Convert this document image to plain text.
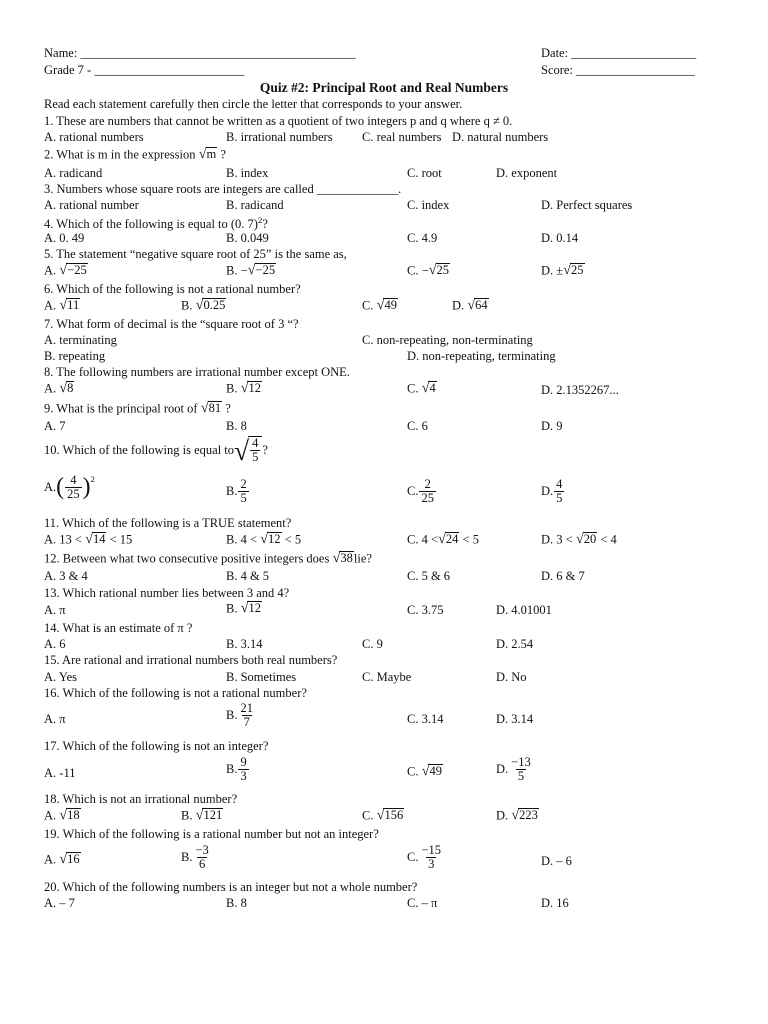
Name: ____________________________________________	Date: ____________________
Grade 7 - ________________________	Score: ___________________
Quiz #2: Principal Root and Real Numbers
Read each statement carefully then circle the letter that corresponds to your answer.
1. These are numbers that cannot be written as a quotient of two integers p and q where q ≠ 0.
A. rational numbers	B. irrational numbers C. real numbers D. natural numbers
2. What is m in the expression √ m ?
A. radicand	B. index	C. root	D. exponent
3. Numbers whose square roots are integers are called _____________.
A. rational number	B. radicand	C. index	D. Perfect squares
4. Which of the following is equal to (0. 7)$^2$?
A. 0. 49	B. 0.049	C. 4.9	D. 0.14
5. The statement “negative square root of 25” is the same as,
A. √ −25	B. − √ −25	C. − √ 25	D. ± √ 25
6. Which of the following is not a rational number?
A. √ 11	B. √ 0.25	C. √ 49	D. √ 64
7. What form of decimal is the “square root of 3 “?
A. terminating	C. non-repeating, non-terminating
B. repeating	D. non-repeating, terminating
8. The following numbers are irrational number except ONE.
A. √ 8	B. √ 12	C. √ 4	D. 2.1352267...
9. What is the principal root of √ 81 ?
A. 7	B. 8	C. 6	D. 9
10. Which of the following is equal to √ $\frac{4}{5}$ ?
A. ( $\frac{4}{25} )^2$
B. $\frac{2}{5}$	C. $\frac{2}{25}$	D. $\frac{4}{5}$
11. Which of the following is a TRUE statement?
A. 13 < √ 14 < 15	B. 4 < √ 12 < 5	C. 4 < √ 24 < 5	D. 3 < √ 20 < 4
12. Between what two consecutive positive integers does √ 38 lie?
A. 3 & 4	B. 4 & 5	C. 5 & 6	D. 6 & 7
13. Which rational number lies between 3 and 4?
A. π	B. √ 12	C. 3.75	D. 4.01001
14. What is an estimate of π ?
A. 6	B. 3.14	C. 9	D. 2.54
15. Are rational and irrational numbers both real numbers?
A. Yes	B. Sometimes	C. Maybe	D. No
16. Which of the following is not a rational number?
A. π	B. $\frac{21}{7}$	C. 3.14	D. 3.14
17. Which of the following is not an integer?
A. -11	B. $\frac{9}{3}$	C. √ 49	D. $\frac{-13}{5}$
18. Which is not an irrational number?
A. √ 18	B. √ 121	C. √ 156	D. √ 223
19. Which of the following is a rational number but not an integer?
A. √ 16	B. $\frac{-3}{6}$	C. $\frac{-15}{3}$	D. – 6
20. Which of the following numbers is an integer but not a whole number?
A. – 7	B. 8	C. – π	D. 16
